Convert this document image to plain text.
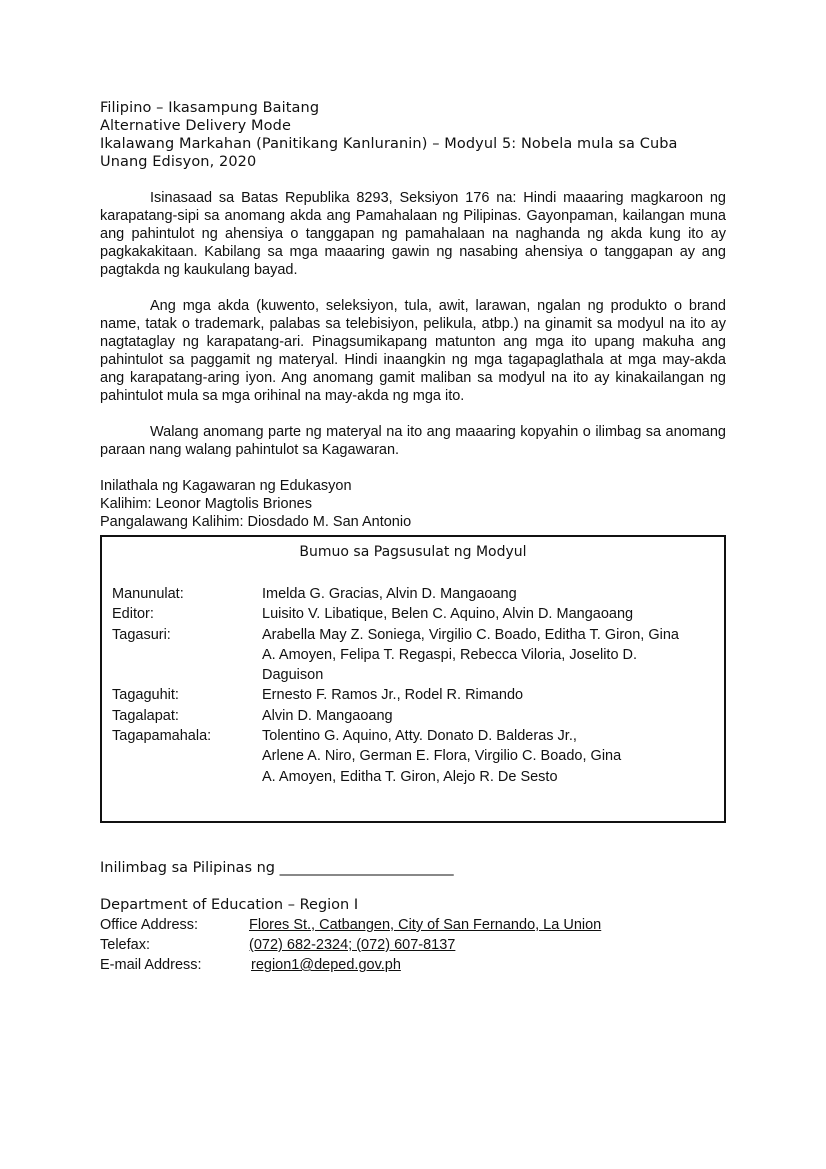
Filipino – Ikasampung Baitang
Alternative Delivery Mode
Ikalawang Markahan (Panitikang Kanluranin) – Modyul 5: Nobela mula sa Cuba
Unang Edisyon, 2020

Isinasaad sa Batas Republika 8293, Seksiyon 176 na: Hindi maaaring magkaroon ng karapatang-sipi sa anomang akda ang Pamahalaan ng Pilipinas. Gayonpaman, kailangan muna ang pahintulot ng ahensiya o tanggapan ng pamahalaan na naghanda ng akda kung ito ay pagkakakitaan. Kabilang sa mga maaaring gawin ng nasabing ahensiya o tanggapan ay ang pagtakda ng kaukulang bayad.

Ang mga akda (kuwento, seleksiyon, tula, awit, larawan, ngalan ng produkto o brand name, tatak o trademark, palabas sa telebisiyon, pelikula, atbp.) na ginamit sa modyul na ito ay nagtataglay ng karapatang-ari. Pinagsumikapang matunton ang mga ito upang makuha ang pahintulot sa paggamit ng materyal. Hindi inaangkin ng mga tagapaglathala at mga may-akda ang karapatang-aring iyon. Ang anomang gamit maliban sa modyul na ito ay kinakailangan ng pahintulot mula sa mga orihinal na may-akda ng mga ito.

Walang anomang parte ng materyal na ito ang maaaring kopyahin o ilimbag sa anomang paraan nang walang pahintulot sa Kagawaran.

Inilathala ng Kagawaran ng Edukasyon
Kalihim: Leonor Magtolis Briones
Pangalawang Kalihim: Diosdado M. San Antonio
Bumuo sa Pagsusulat ng Modyul
Manunulat:	Imelda G. Gracias, Alvin D. Mangaoang
Editor:	Luisito V. Libatique, Belen C. Aquino, Alvin D. Mangaoang
Tagasuri:	Arabella May Z. Soniega, Virgilio C. Boado, Editha T. Giron, Gina A. Amoyen, Felipa T. Regaspi, Rebecca Viloria, Joselito D. Daguison
Tagaguhit:	Ernesto F. Ramos Jr., Rodel R. Rimando
Tagalapat:	Alvin D. Mangaoang
Tagapamahala:	Tolentino G. Aquino, Atty. Donato D. Balderas Jr., Arlene A. Niro, German E. Flora, Virgilio C. Boado, Gina A. Amoyen, Editha T. Giron, Alejo R. De Sesto
Inilimbag sa Pilipinas ng ________________________
Department of Education – Region I
Office Address:	Flores St., Catbangen, City of San Fernando, La Union
Telefax:	(072) 682-2324; (072) 607-8137
E-mail Address:	region1@deped.gov.ph
